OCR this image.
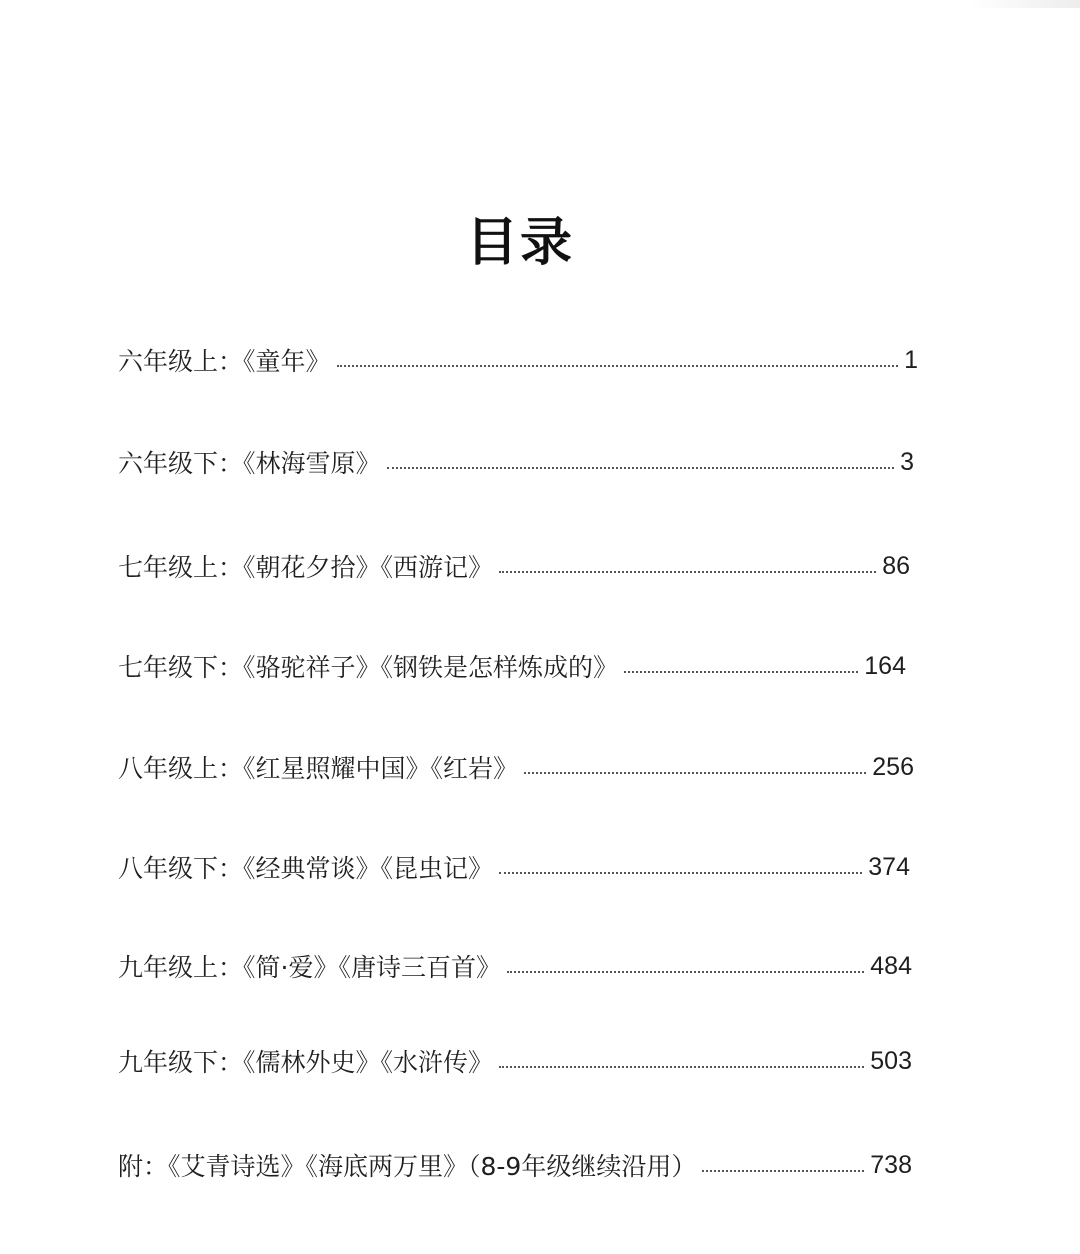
目录
六年级上：《童年》	1
六年级下：《林海雪原》	3
七年级上：《朝花夕拾》《西游记》	86
七年级下：《骆驼祥子》《钢铁是怎样炼成的》	164
八年级上：《红星照耀中国》《红岩》	256
八年级下：《经典常谈》《昆虫记》	374
九年级上：《简·爱》《唐诗三百首》	484
九年级下：《儒林外史》《水浒传》	503
附：《艾青诗选》《海底两万里》（8-9年级继续沿用）	738
